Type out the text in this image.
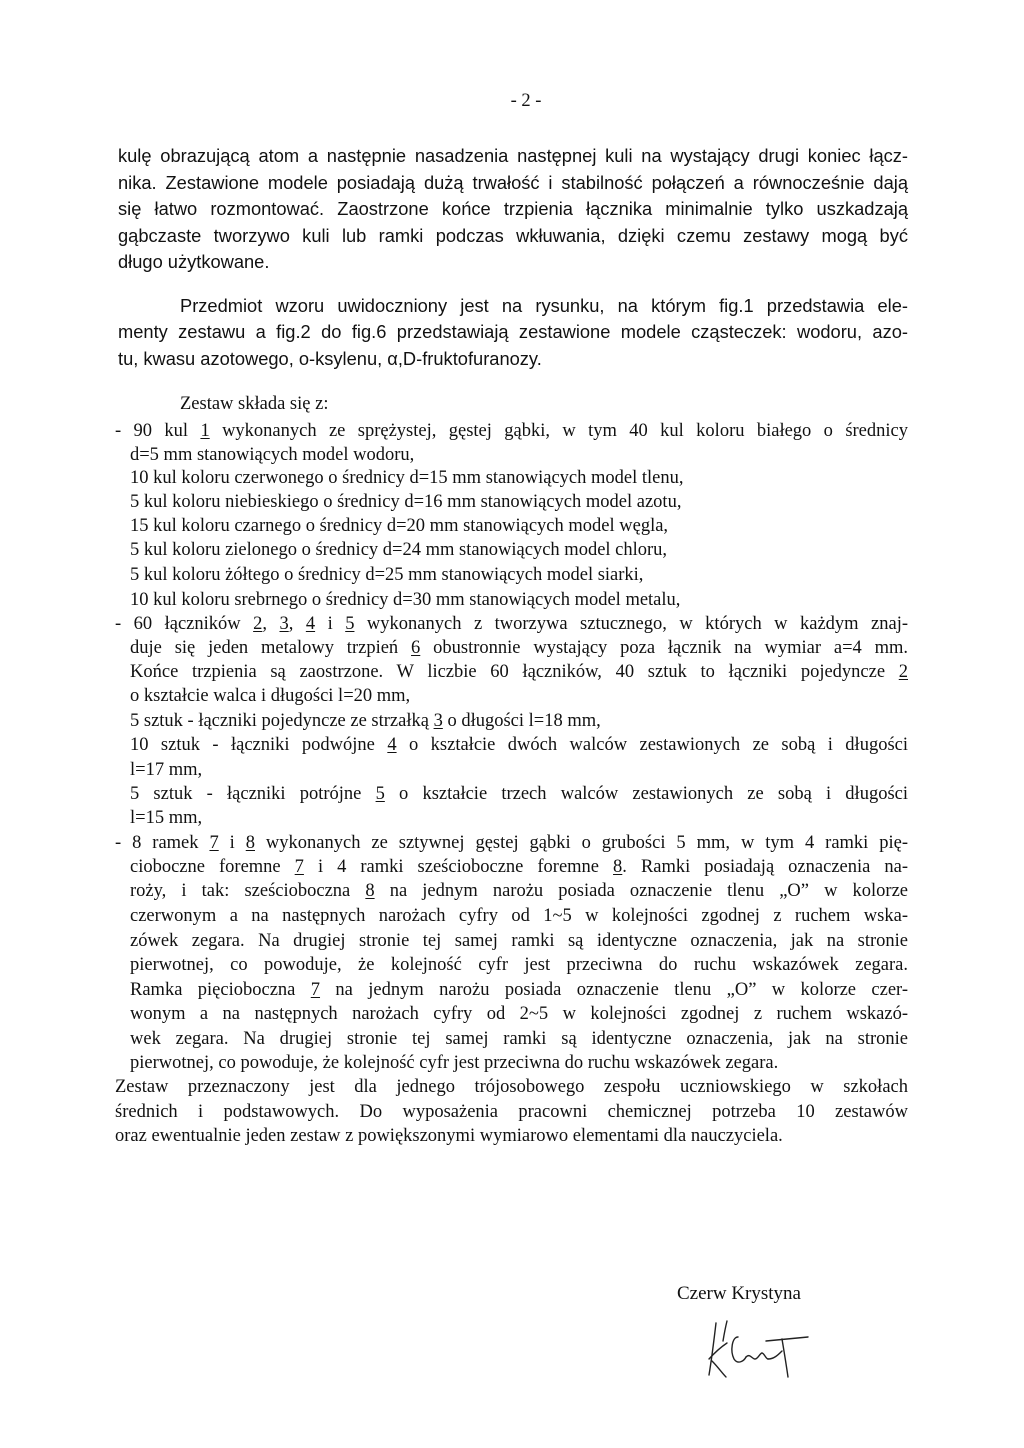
- 2 -
kulę obrazującą atom a następnie nasadzenia następnej kuli na wystający drugi koniec łącz-
nika. Zestawione modele posiadają dużą trwałość i stabilność połączeń a równocześnie dają
się łatwo rozmontować. Zaostrzone końce trzpienia łącznika minimalnie tylko uszkadzają
gąbczaste tworzywo kuli lub ramki podczas wkłuwania, dzięki czemu zestawy mogą być
długo użytkowane.
Przedmiot wzoru uwidoczniony jest na rysunku, na którym fig.1 przedstawia ele-
menty zestawu a fig.2 do fig.6 przedstawiają zestawione modele cząsteczek: wodoru, azo-
tu, kwasu azotowego, o-ksylenu, α,D-fruktofuranozy.
Zestaw składa się z:
- 90 kul 1 wykonanych ze sprężystej, gęstej gąbki, w tym 40 kul koloru białego o średnicy
d=5 mm stanowiących model wodoru,
10 kul koloru czerwonego o średnicy d=15 mm stanowiących model tlenu,
5 kul koloru niebieskiego o średnicy d=16 mm stanowiących model azotu,
15 kul koloru czarnego o średnicy d=20 mm stanowiących model węgla,
5 kul koloru zielonego o średnicy d=24 mm stanowiących model chloru,
5 kul koloru żółtego o średnicy d=25 mm stanowiących model siarki,
10 kul koloru srebrnego o średnicy d=30 mm stanowiących model metalu,
- 60 łączników 2, 3, 4 i 5 wykonanych z tworzywa sztucznego, w których w każdym znaj-
duje się jeden metalowy trzpień 6 obustronnie wystający poza łącznik na wymiar a=4 mm.
Końce trzpienia są zaostrzone. W liczbie 60 łączników, 40 sztuk to łączniki pojedyncze 2
o kształcie walca i długości l=20 mm,
5 sztuk - łączniki pojedyncze ze strzałką 3 o długości l=18 mm,
10 sztuk - łączniki podwójne 4 o kształcie dwóch walców zestawionych ze sobą i długości
l=17 mm,
5 sztuk - łączniki potrójne 5 o kształcie trzech walców zestawionych ze sobą i długości
l=15 mm,
- 8 ramek 7 i 8 wykonanych ze sztywnej gęstej gąbki o grubości 5 mm, w tym 4 ramki pię-
cioboczne foremne 7 i 4 ramki sześcioboczne foremne 8. Ramki posiadają oznaczenia na-
roży, i tak: sześcioboczna 8 na jednym narożu posiada oznaczenie tlenu „O” w kolorze
czerwonym a na następnych narożach cyfry od 1~5 w kolejności zgodnej z ruchem wska-
zówek zegara. Na drugiej stronie tej samej ramki są identyczne oznaczenia, jak na stronie
pierwotnej, co powoduje, że kolejność cyfr jest przeciwna do ruchu wskazówek zegara.
Ramka pięcioboczna 7 na jednym narożu posiada oznaczenie tlenu „O” w kolorze czer-
wonym a na następnych narożach cyfry od 2~5 w kolejności zgodnej z ruchem wskazó-
wek zegara. Na drugiej stronie tej samej ramki są identyczne oznaczenia, jak na stronie
pierwotnej, co powoduje, że kolejność cyfr jest przeciwna do ruchu wskazówek zegara.
Zestaw przeznaczony jest dla jednego trójosobowego zespołu uczniowskiego w szkołach
średnich i podstawowych. Do wyposażenia pracowni chemicznej potrzeba 10 zestawów
oraz ewentualnie jeden zestaw z powiększonymi wymiarowo elementami dla nauczyciela.
Czerw Krystyna
